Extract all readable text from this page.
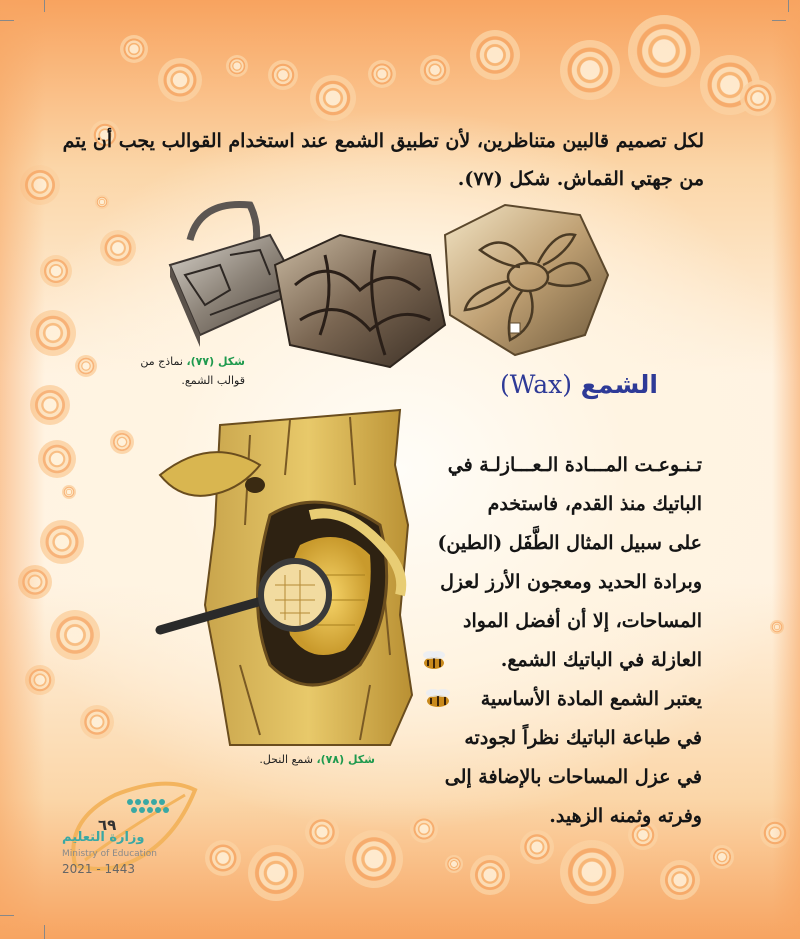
لكل تصميم قالبين متناظرين، لأن تطبيق الشمع عند استخدام القوالب يجب أن يتم
من جهتي القماش. شكل (٧٧).
شكل (٧٧)، نماذج من
قوالب الشمع.	الشمع (Wax)
شكل (٧٨)، شمع النحل.
تـنـوعـت المـــادة الـعـــازلـة في
الباتيك منذ القدم، فاستخدم
على سبيل المثال الطَّفَل (الطين)
وبرادة الحديد ومعجون الأرز لعزل
المساحات، إلا أن أفضل المواد
العازلة في الباتيك الشمع.
يعتبر الشمع المادة الأساسية
في طباعة الباتيك نظراً لجودته
في عزل المساحات بالإضافة إلى
وفرته وثمنه الزهيد.
٦٩
وزارة التعليم
Ministry of Education
2021 - 1443
